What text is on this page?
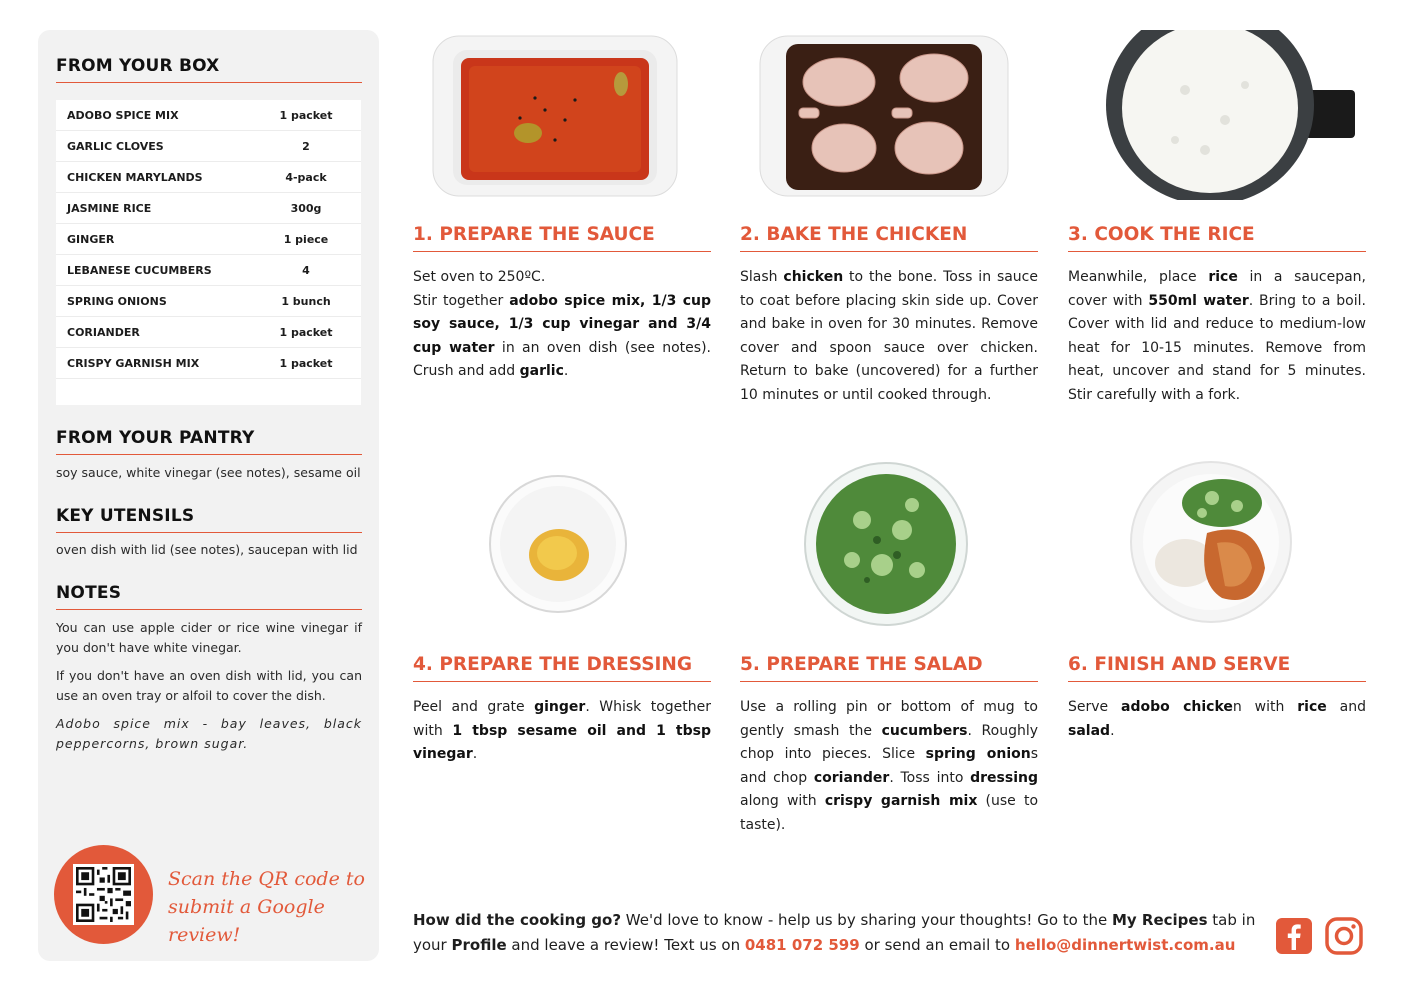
FROM YOUR BOX
ADOBO SPICE MIX	1 packet
GARLIC CLOVES	2
CHICKEN MARYLANDS	4-pack
JASMINE RICE	300g
GINGER	1 piece
LEBANESE CUCUMBERS	4
SPRING ONIONS	1 bunch
CORIANDER	1 packet
CRISPY GARNISH MIX	1 packet
FROM YOUR PANTRY
soy sauce, white vinegar (see notes), sesame oil
KEY UTENSILS
oven dish with lid (see notes), saucepan with lid
NOTES

You can use apple cider or rice wine vinegar if you don't have white vinegar.

If you don't have an oven dish with lid, you can use an oven tray or alfoil to cover the dish.

Adobo spice mix - bay leaves, black peppercorns, brown sugar.

Scan the QR code to
submit a Google review!
1. PREPARE THE SAUCE
Set oven to 250ºC.
Stir together adobo spice mix, 1/3 cup soy sauce, 1/3 cup vinegar and 3/4 cup water in an oven dish (see notes). Crush and add garlic.
2. BAKE THE CHICKEN
Slash chicken to the bone. Toss in sauce to coat before placing skin side up. Cover and bake in oven for 30 minutes. Remove cover and spoon sauce over chicken. Return to bake (uncovered) for a further 10 minutes or until cooked through.
3. COOK THE RICE
Meanwhile, place rice in a saucepan, cover with 550ml water. Bring to a boil. Cover with lid and reduce to medium-low heat for 10-15 minutes. Remove from heat, uncover and stand for 5 minutes. Stir carefully with a fork.
4. PREPARE THE DRESSING
Peel and grate ginger. Whisk together with 1 tbsp sesame oil and 1 tbsp vinegar.
5. PREPARE THE SALAD
Use a rolling pin or bottom of mug to gently smash the cucumbers. Roughly chop into pieces. Slice spring onions and chop coriander. Toss into dressing along with crispy garnish mix (use to taste).
6. FINISH AND SERVE
Serve adobo chicken with rice and salad.
How did the cooking go? We'd love to know - help us by sharing your thoughts! Go to the My Recipes tab in your Profile and leave a review! Text us on 0481 072 599 or send an email to hello@dinnertwist.com.au
